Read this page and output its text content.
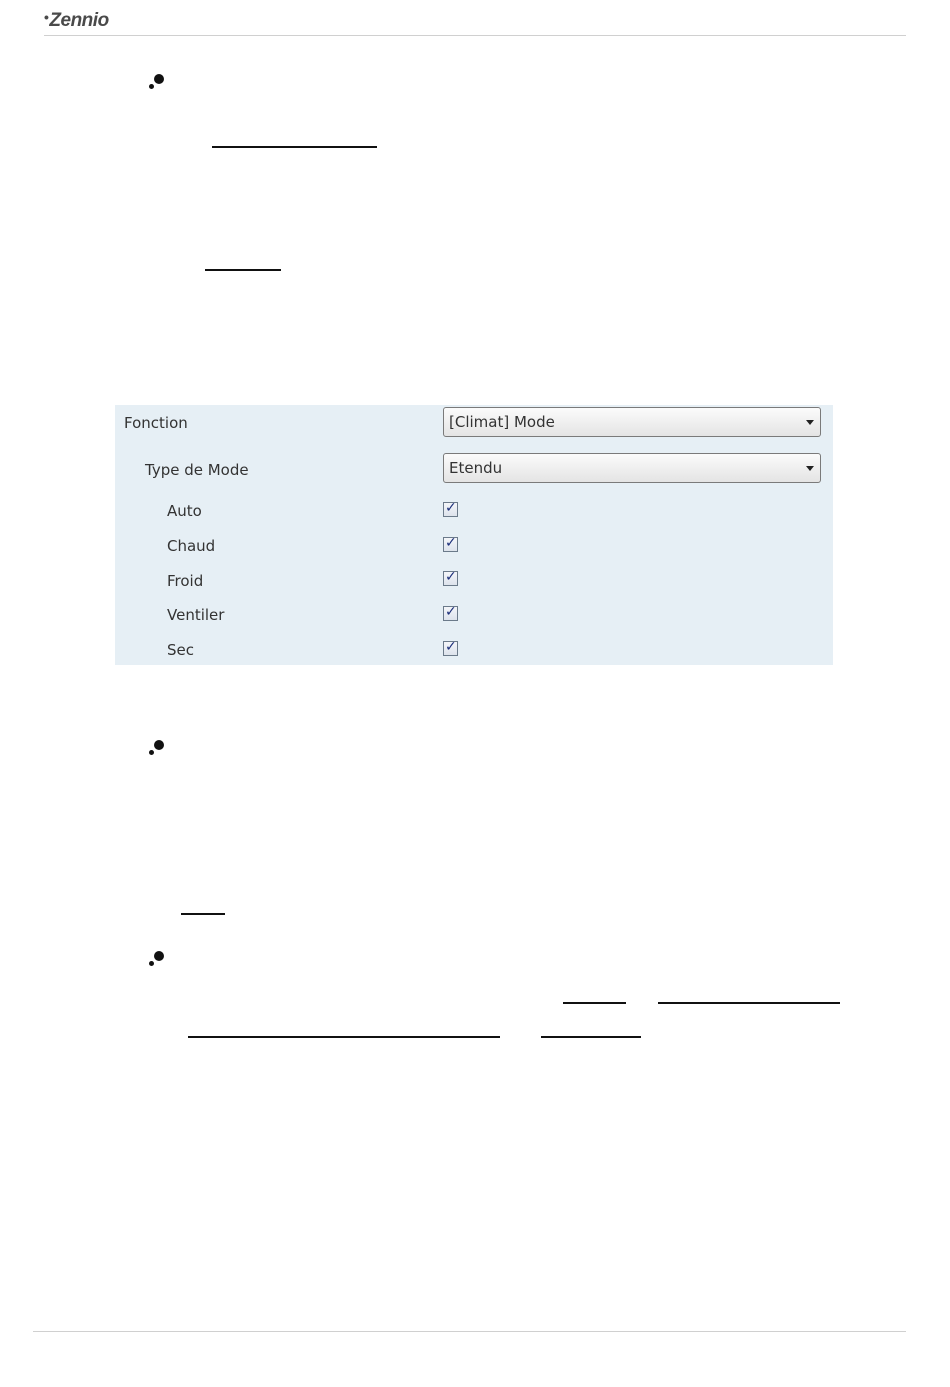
•Zennio
Fonction	[Climat] Mode
Type de Mode	Etendu
Auto	✓
Chaud	✓
Froid	✓
Ventiler	✓
Sec	✓
